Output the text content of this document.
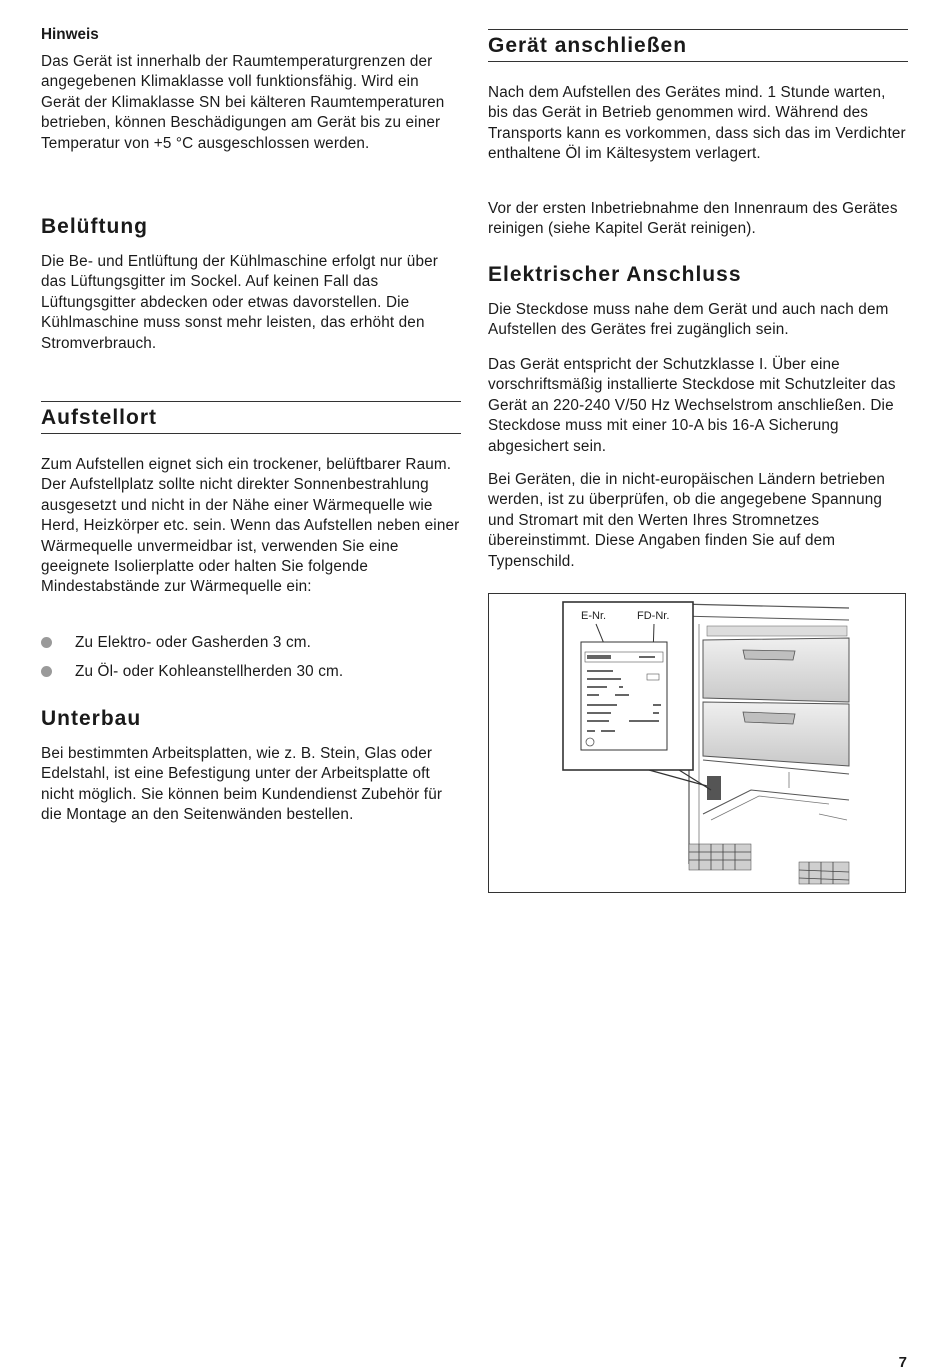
Hinweis

Das Gerät ist innerhalb der Raumtemperaturgrenzen der angegebenen Klimaklasse voll funktionsfähig. Wird ein Gerät der Klimaklasse SN bei kälteren Raumtemperaturen betrieben, können Beschädigungen am Gerät bis zu einer Temperatur von +5 °C ausgeschlossen werden.

Belüftung

Die Be- und Entlüftung der Kühlmaschine erfolgt nur über das Lüftungsgitter im Sockel. Auf keinen Fall das Lüftungsgitter abdecken oder etwas davorstellen. Die Kühlmaschine muss sonst mehr leisten, das erhöht den Stromverbrauch.

Aufstellort

Zum Aufstellen eignet sich ein trockener, belüftbarer Raum. Der Aufstellplatz sollte nicht direkter Sonnenbestrahlung ausgesetzt und nicht in der Nähe einer Wärmequelle wie Herd, Heizkörper etc. sein. Wenn das Aufstellen neben einer Wärmequelle unvermeidbar ist, verwenden Sie eine geeignete Isolierplatte oder halten Sie folgende Mindestabstände zur Wärmequelle ein:

Zu Elektro- oder Gasherden 3 cm.
Zu Öl- oder Kohleanstellherden 30 cm.
Unterbau

Bei bestimmten Arbeitsplatten, wie z. B. Stein, Glas oder Edelstahl, ist eine Befestigung unter der Arbeitsplatte oft nicht möglich. Sie können beim Kundendienst Zubehör für die Montage an den Seitenwänden bestellen.

Gerät anschließen

Nach dem Aufstellen des Gerätes mind. 1 Stunde warten, bis das Gerät in Betrieb genommen wird. Während des Transports kann es vorkommen, dass sich das im Verdichter enthaltene Öl im Kältesystem verlagert.

Vor der ersten Inbetriebnahme den Innenraum des Gerätes reinigen (siehe Kapitel Gerät reinigen).

Elektrischer Anschluss

Die Steckdose muss nahe dem Gerät und auch nach dem Aufstellen des Gerätes frei zugänglich sein.

Das Gerät entspricht der Schutzklasse I. Über eine vorschriftsmäßig installierte Steckdose mit Schutzleiter das Gerät an 220-240 V/50 Hz Wechselstrom anschließen. Die Steckdose muss mit einer 10-A bis 16-A Sicherung abgesichert sein.

Bei Geräten, die in nicht-europäischen Ländern betrieben werden, ist zu überprüfen, ob die angegebene Spannung und Stromart mit den Werten Ihres Stromnetzes übereinstimmt. Diese Angaben finden Sie auf dem Typenschild.

E-Nr.	FD-Nr.
7
